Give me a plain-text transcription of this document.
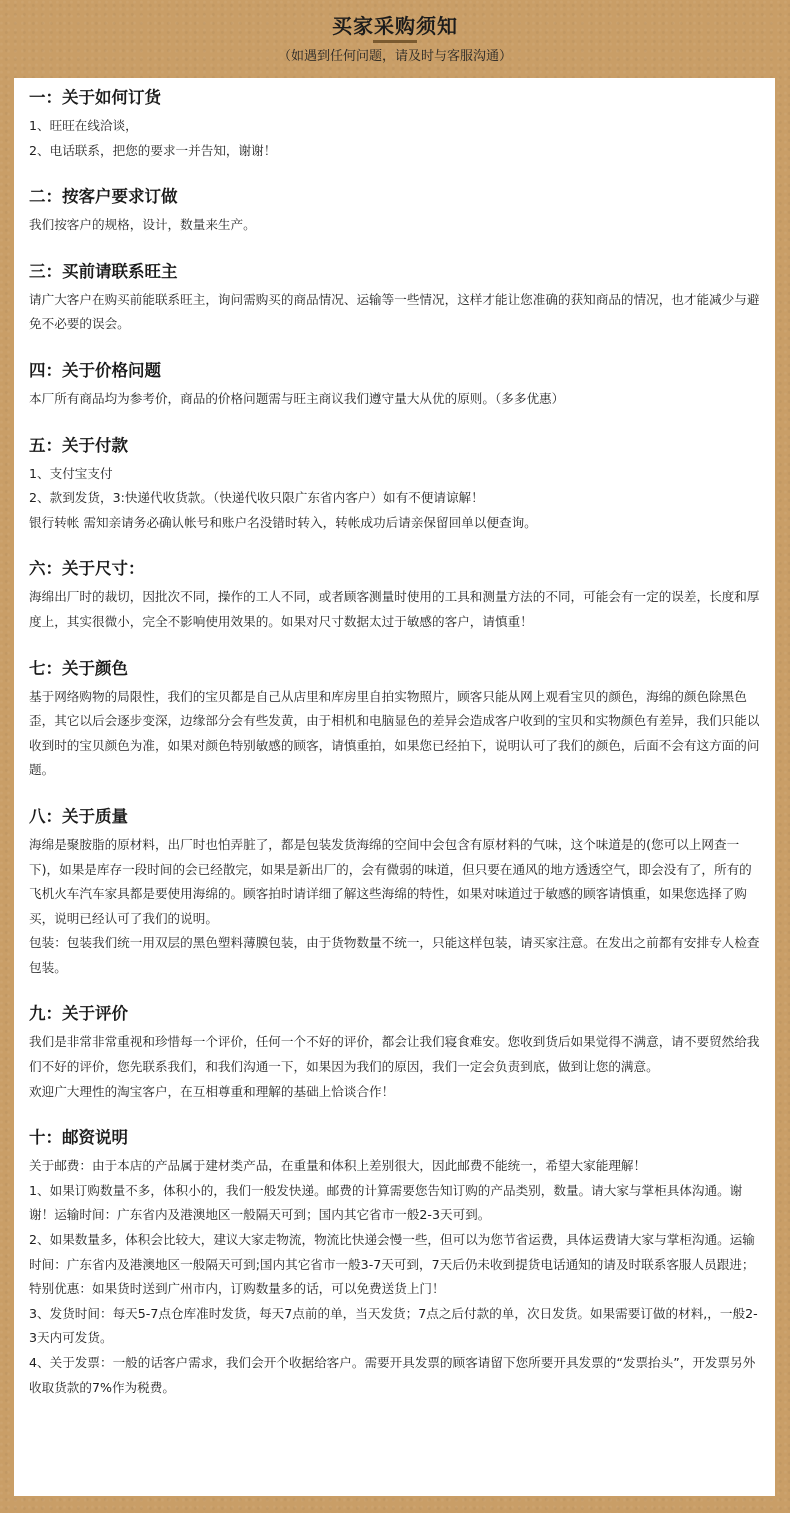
买家采购须知
（如遇到任何问题，请及时与客服沟通）
一：关于如何订货

1、旺旺在线洽谈，

2、电话联系，把您的要求一并告知，谢谢！

二：按客户要求订做

我们按客户的规格，设计，数量来生产。

三：买前请联系旺主

请广大客户在购买前能联系旺主，询问需购买的商品情况、运输等一些情况，这样才能让您准确的获知商品的情况，也才能减少与避免不必要的误会。

四：关于价格问题

本厂所有商品均为参考价，商品的价格问题需与旺主商议我们遵守量大从优的原则。（多多优惠）

五：关于付款

1、支付宝支付

2、款到发货，3:快递代收货款。（快递代收只限广东省内客户）如有不便请谅解！

银行转帐 需知亲请务必确认帐号和账户名没错时转入，转帐成功后请亲保留回单以便查询。

六：关于尺寸：

海绵出厂时的裁切，因批次不同，操作的工人不同，或者顾客测量时使用的工具和测量方法的不同，可能会有一定的误差，长度和厚度上，其实很微小，完全不影响使用效果的。如果对尺寸数据太过于敏感的客户，请慎重！

七：关于颜色

基于网络购物的局限性，我们的宝贝都是自己从店里和库房里自拍实物照片，顾客只能从网上观看宝贝的颜色，海绵的颜色除黑色歪，其它以后会逐步变深，边缘部分会有些发黄，由于相机和电脑显色的差异会造成客户收到的宝贝和实物颜色有差异，我们只能以收到时的宝贝颜色为准，如果对颜色特别敏感的顾客，请慎重拍，如果您已经拍下，说明认可了我们的颜色，后面不会有这方面的问题。

八：关于质量

海绵是聚胺脂的原材料，出厂时也怕弄脏了，都是包装发货海绵的空间中会包含有原材料的气味，这个味道是的(您可以上网查一下)，如果是库存一段时间的会已经散完，如果是新出厂的，会有微弱的味道，但只要在通风的地方透透空气，即会没有了，所有的飞机火车汽车家具都是要使用海绵的。顾客拍时请详细了解这些海绵的特性，如果对味道过于敏感的顾客请慎重，如果您选择了购买，说明已经认可了我们的说明。

包装：包装我们统一用双层的黑色塑料薄膜包装，由于货物数量不统一，只能这样包装，请买家注意。在发出之前都有安排专人检查包装。

九：关于评价

我们是非常非常重视和珍惜每一个评价，任何一个不好的评价，都会让我们寝食难安。您收到货后如果觉得不满意，请不要贸然给我们不好的评价，您先联系我们，和我们沟通一下，如果因为我们的原因，我们一定会负责到底，做到让您的满意。

欢迎广大理性的淘宝客户，在互相尊重和理解的基础上恰谈合作！

十：邮资说明

关于邮费：由于本店的产品属于建材类产品，在重量和体积上差别很大，因此邮费不能统一，希望大家能理解！

1、如果订购数量不多，体积小的，我们一般发快递。邮费的计算需要您告知订购的产品类别，数量。请大家与掌柜具体沟通。谢谢！运输时间：广东省内及港澳地区一般隔天可到；国内其它省市一般2-3天可到。

2、如果数量多，体积会比较大，建议大家走物流，物流比快递会慢一些，但可以为您节省运费，具体运费请大家与掌柜沟通。运输时间：广东省内及港澳地区一般隔天可到;国内其它省市一般3-7天可到，7天后仍未收到提货电话通知的请及时联系客服人员跟进；特别优惠：如果货时送到广州市内，订购数量多的话，可以免费送货上门！

3、发货时间：每天5-7点仓库准时发货，每天7点前的单，当天发货；7点之后付款的单，次日发货。如果需要订做的材料,，一般2-3天内可发货。

4、关于发票：一般的话客户需求，我们会开个收据给客户。需要开具发票的顾客请留下您所要开具发票的“发票抬头”，开发票另外收取货款的7%作为税费。
